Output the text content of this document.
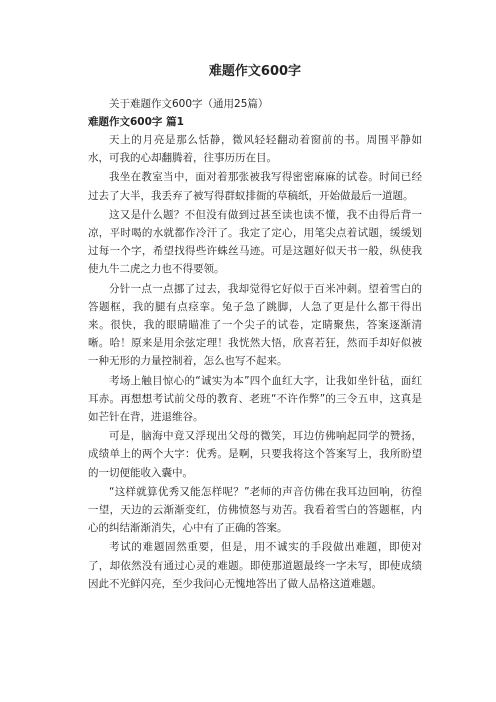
难题作文600字

关于难题作文600字（通用25篇）

难题作文600字 篇1

天上的月亮是那么恬静，微风轻轻翻动着窗前的书。周围平静如水，可我的心却翻腾着，往事历历在目。

我坐在教室当中，面对着那张被我写得密密麻麻的试卷。时间已经过去了大半，我丢弃了被写得群蚁排衙的草稿纸，开始做最后一道题。

这又是什么题？不但没有做到过甚至读也读不懂，我不由得后背一凉，平时喝的水就都作冷汗了。我定了定心，用笔尖点着试题，缓缓划过每一个字，希望找得些许蛛丝马迹。可是这题好似天书一般，纵使我使九牛二虎之力也不得要领。

分针一点一点挪了过去，我却觉得它好似于百米冲刺。望着雪白的答题框，我的腿有点痉挛。兔子急了跳脚，人急了更是什么都干得出来。很快，我的眼睛瞄准了一个尖子的试卷，定睛聚焦，答案逐渐清晰。哈！原来是用余弦定理！我恍然大悟，欣喜若狂，然而手却好似被一种无形的力量控制着，怎么也写不起来。

考场上触目惊心的“诚实为本”四个血红大字，让我如坐针毡，面红耳赤。再想想考试前父母的教育、老班“不许作弊”的三令五申，这真是如芒针在背，进退维谷。

可是，脑海中竟又浮现出父母的微笑，耳边仿佛响起同学的赞扬，成绩单上的两个大字：优秀。是啊，只要我将这个答案写上，我所盼望的一切便能收入囊中。

“这样就算优秀又能怎样呢？”老师的声音仿佛在我耳边回响，彷徨一望，天边的云渐渐变红，仿佛愤怒与劝苦。我看着雪白的答题框，内心的纠结渐渐消失，心中有了正确的答案。

考试的难题固然重要，但是，用不诚实的手段做出难题，即使对了，却依然没有通过心灵的难题。即使那道题最终一字未写，即使成绩因此不光鲜闪亮，至少我问心无愧地答出了做人品格这道难题。
